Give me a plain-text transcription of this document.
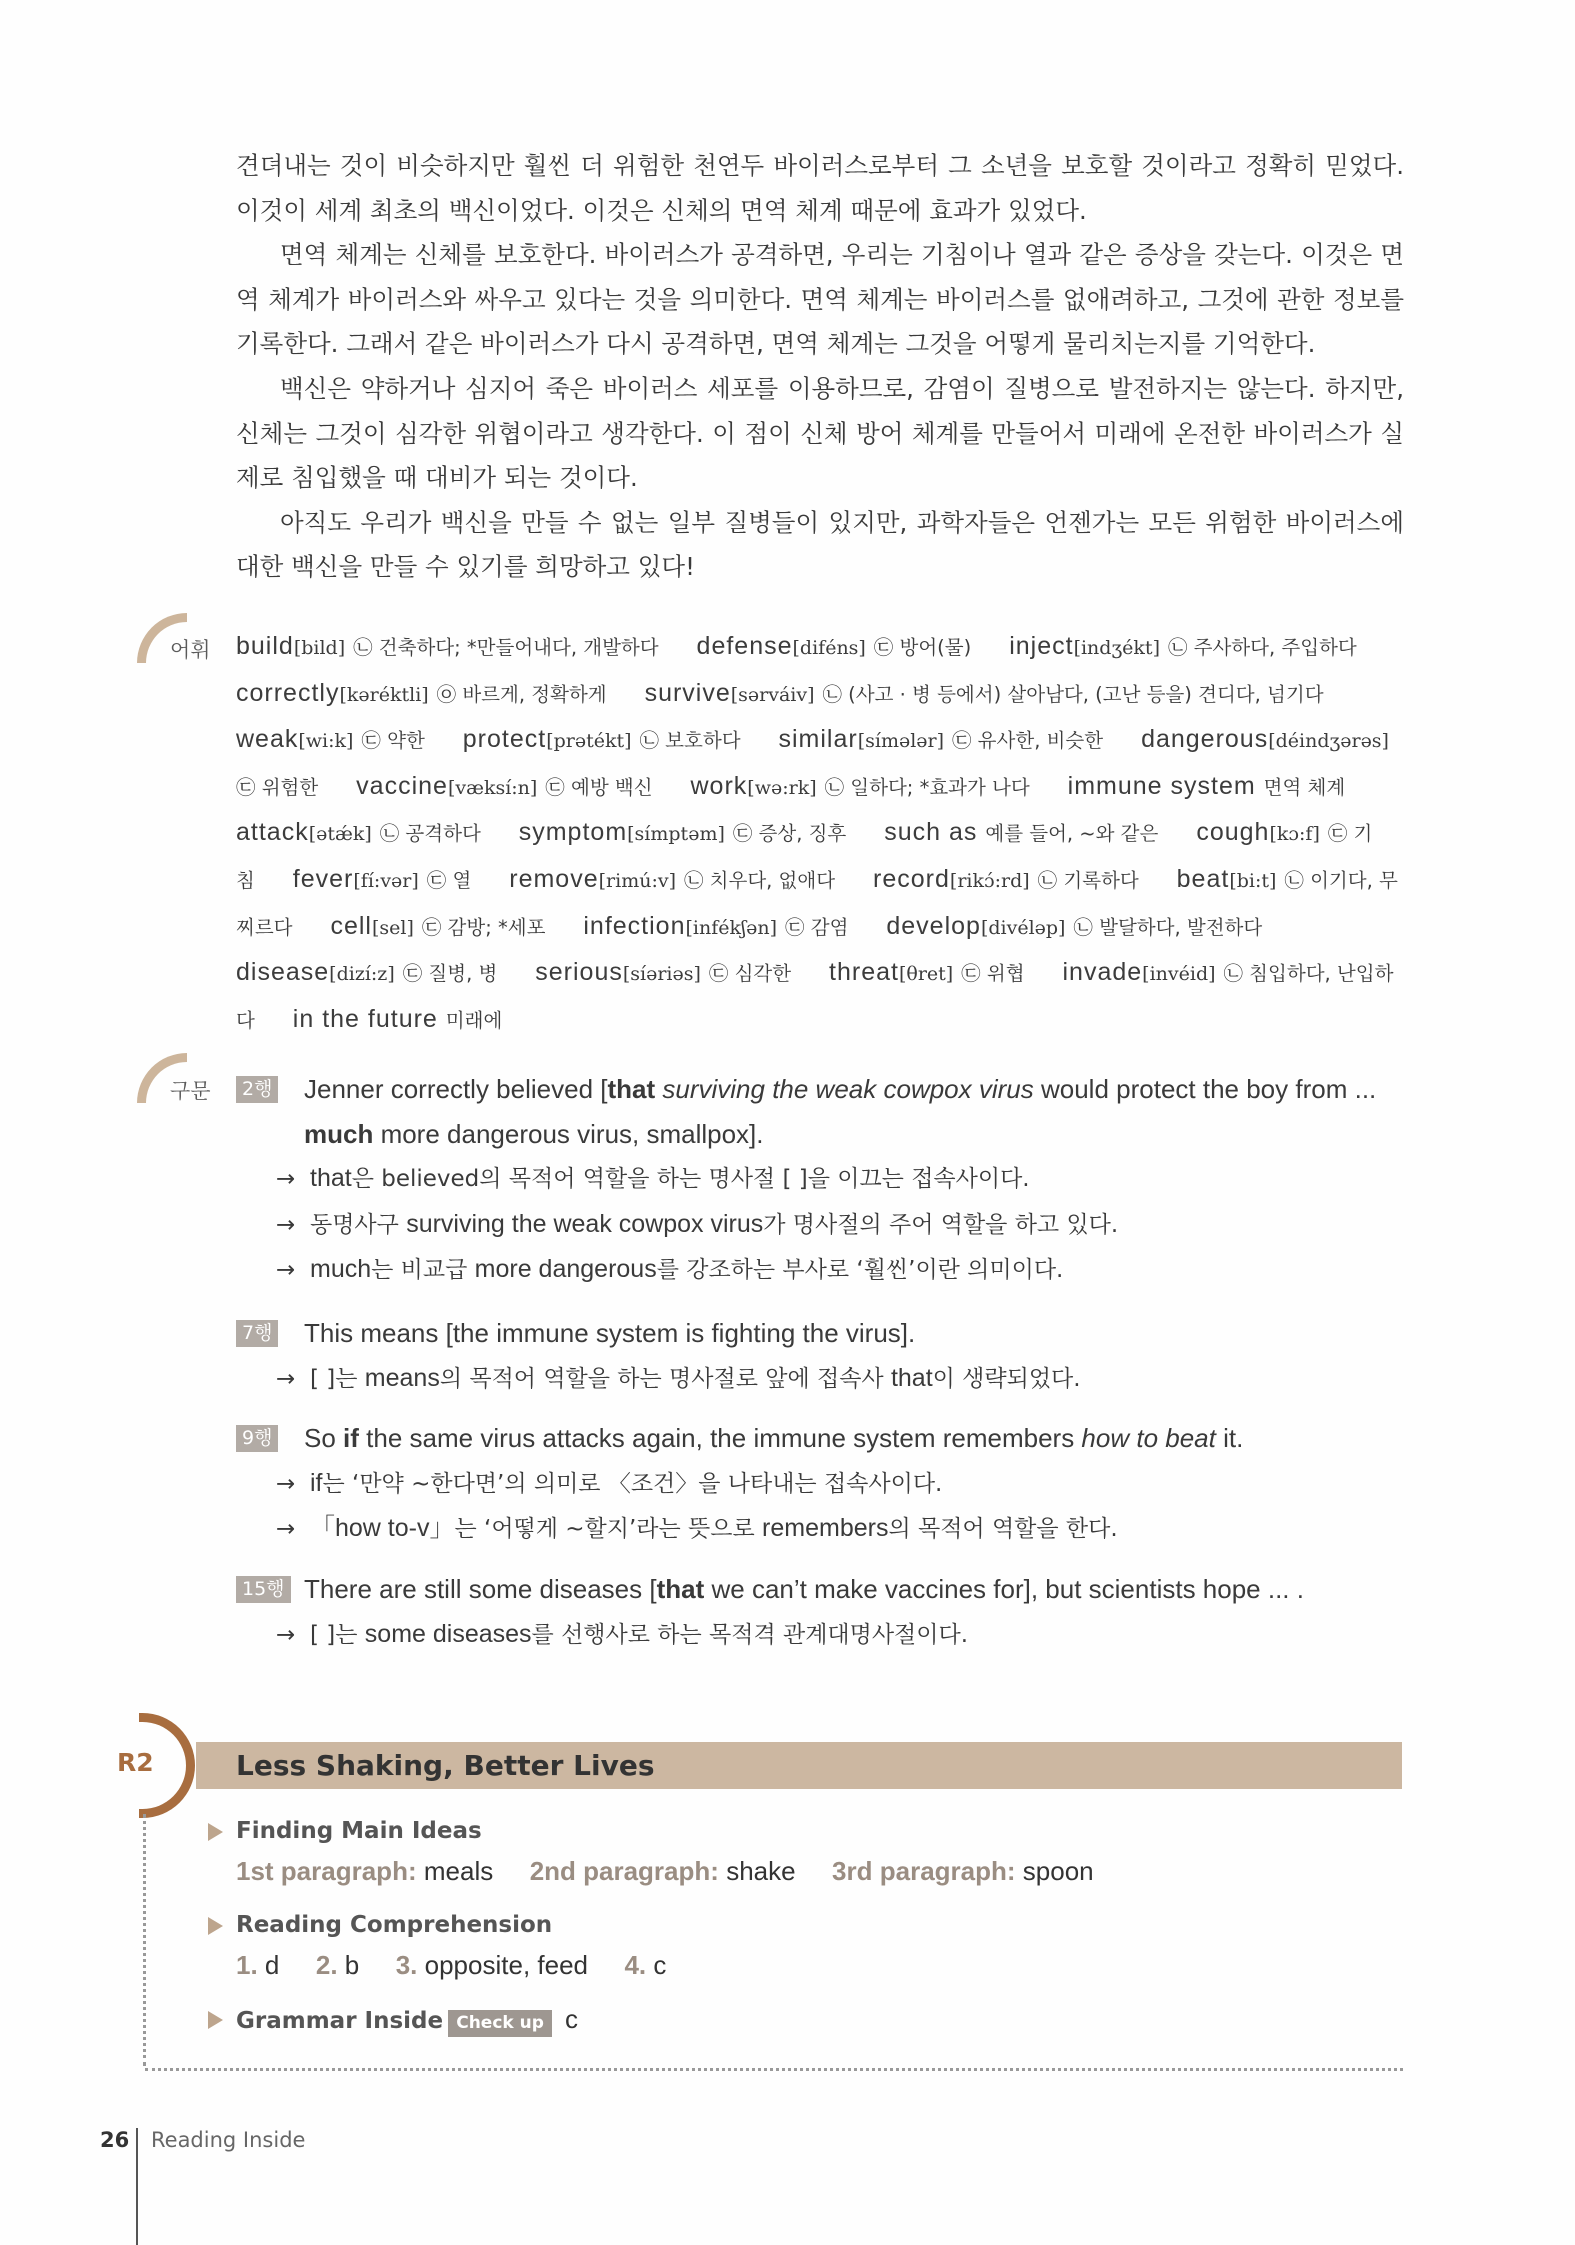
견뎌내는 것이 비슷하지만 훨씬 더 위험한 천연두 바이러스로부터 그 소년을 보호할 것이라고 정확히 믿었다. 이것이 세계 최초의 백신이었다. 이것은 신체의 면역 체계 때문에 효과가 있었다.

면역 체계는 신체를 보호한다. 바이러스가 공격하면, 우리는 기침이나 열과 같은 증상을 갖는다. 이것은 면역 체계가 바이러스와 싸우고 있다는 것을 의미한다. 면역 체계는 바이러스를 없애려하고, 그것에 관한 정보를 기록한다. 그래서 같은 바이러스가 다시 공격하면, 면역 체계는 그것을 어떻게 물리치는지를 기억한다.

백신은 약하거나 심지어 죽은 바이러스 세포를 이용하므로, 감염이 질병으로 발전하지는 않는다. 하지만, 신체는 그것이 심각한 위협이라고 생각한다. 이 점이 신체 방어 체계를 만들어서 미래에 온전한 바이러스가 실제로 침입했을 때 대비가 되는 것이다.

아직도 우리가 백신을 만들 수 없는 일부 질병들이 있지만, 과학자들은 언젠가는 모든 위험한 바이러스에 대한 백신을 만들 수 있기를 희망하고 있다!

어휘 build[bild] ㉡ 건축하다; *만들어내다, 개발하다 defense[diféns] ㉢ 방어(물) inject[indʒékt] ㉡ 주사하다, 주입하다 correctly[kəréktli] ㉧ 바르게, 정확하게 survive[sərváiv] ㉡ (사고 · 병 등에서) 살아남다, (고난 등을) 견디다, 넘기다 weak[wi:k] ㉢ 약한 protect[prətékt] ㉡ 보호하다 similar[símələr] ㉢ 유사한, 비슷한 dangerous[déindʒərəs] ㉢ 위험한 vaccine[væksí:n] ㉢ 예방 백신 work[wə:rk] ㉡ 일하다; *효과가 나다 immune system 면역 체계 attack[ətǽk] ㉡ 공격하다 symptom[símptəm] ㉢ 증상, 징후 such as 예를 들어, ~와 같은 cough[kɔ:f] ㉢ 기침 fever[fí:vər] ㉢ 열 remove[rimú:v] ㉡ 치우다, 없애다 record[rikɔ́:rd] ㉡ 기록하다 beat[bi:t] ㉡ 이기다, 무찌르다 cell[sel] ㉢ 감방; *세포 infection[infékʃən] ㉢ 감염 develop[divéləp] ㉡ 발달하다, 발전하다 disease[dizí:z] ㉢ 질병, 병 serious[síəriəs] ㉢ 심각한 threat[θret] ㉢ 위협 invade[invéid] ㉡ 침입하다, 난입하다 in the future 미래에
구문	2행 Jenner correctly believed [that surviving the weak cowpox virus would protect the boy from ... much more dangerous virus, smallpox].
→ that은 believed의 목적어 역할을 하는 명사절 [ ]을 이끄는 접속사이다.
→ 동명사구 surviving the weak cowpox virus가 명사절의 주어 역할을 하고 있다.
→ much는 비교급 more dangerous를 강조하는 부사로 ‘훨씬’이란 의미이다.
7행 This means [the immune system is fighting the virus].
→ [ ]는 means의 목적어 역할을 하는 명사절로 앞에 접속사 that이 생략되었다.
9행 So if the same virus attacks again, the immune system remembers how to beat it.
→ if는 ‘만약 ~한다면’의 의미로 〈조건〉을 나타내는 접속사이다.
→ 「how to-v」는 ‘어떻게 ~할지’라는 뜻으로 remembers의 목적어 역할을 한다.
15행 There are still some diseases [that we can’t make vaccines for], but scientists hope ... .
→ [ ]는 some diseases를 선행사로 하는 목적격 관계대명사절이다.
Less Shaking, Better Lives
R2
Finding Main Ideas
1st paragraph: meals 2nd paragraph: shake 3rd paragraph: spoon
Reading Comprehension
1. d 2. b 3. opposite, feed 4. c
Grammar Inside Check up c
26 Reading Inside
